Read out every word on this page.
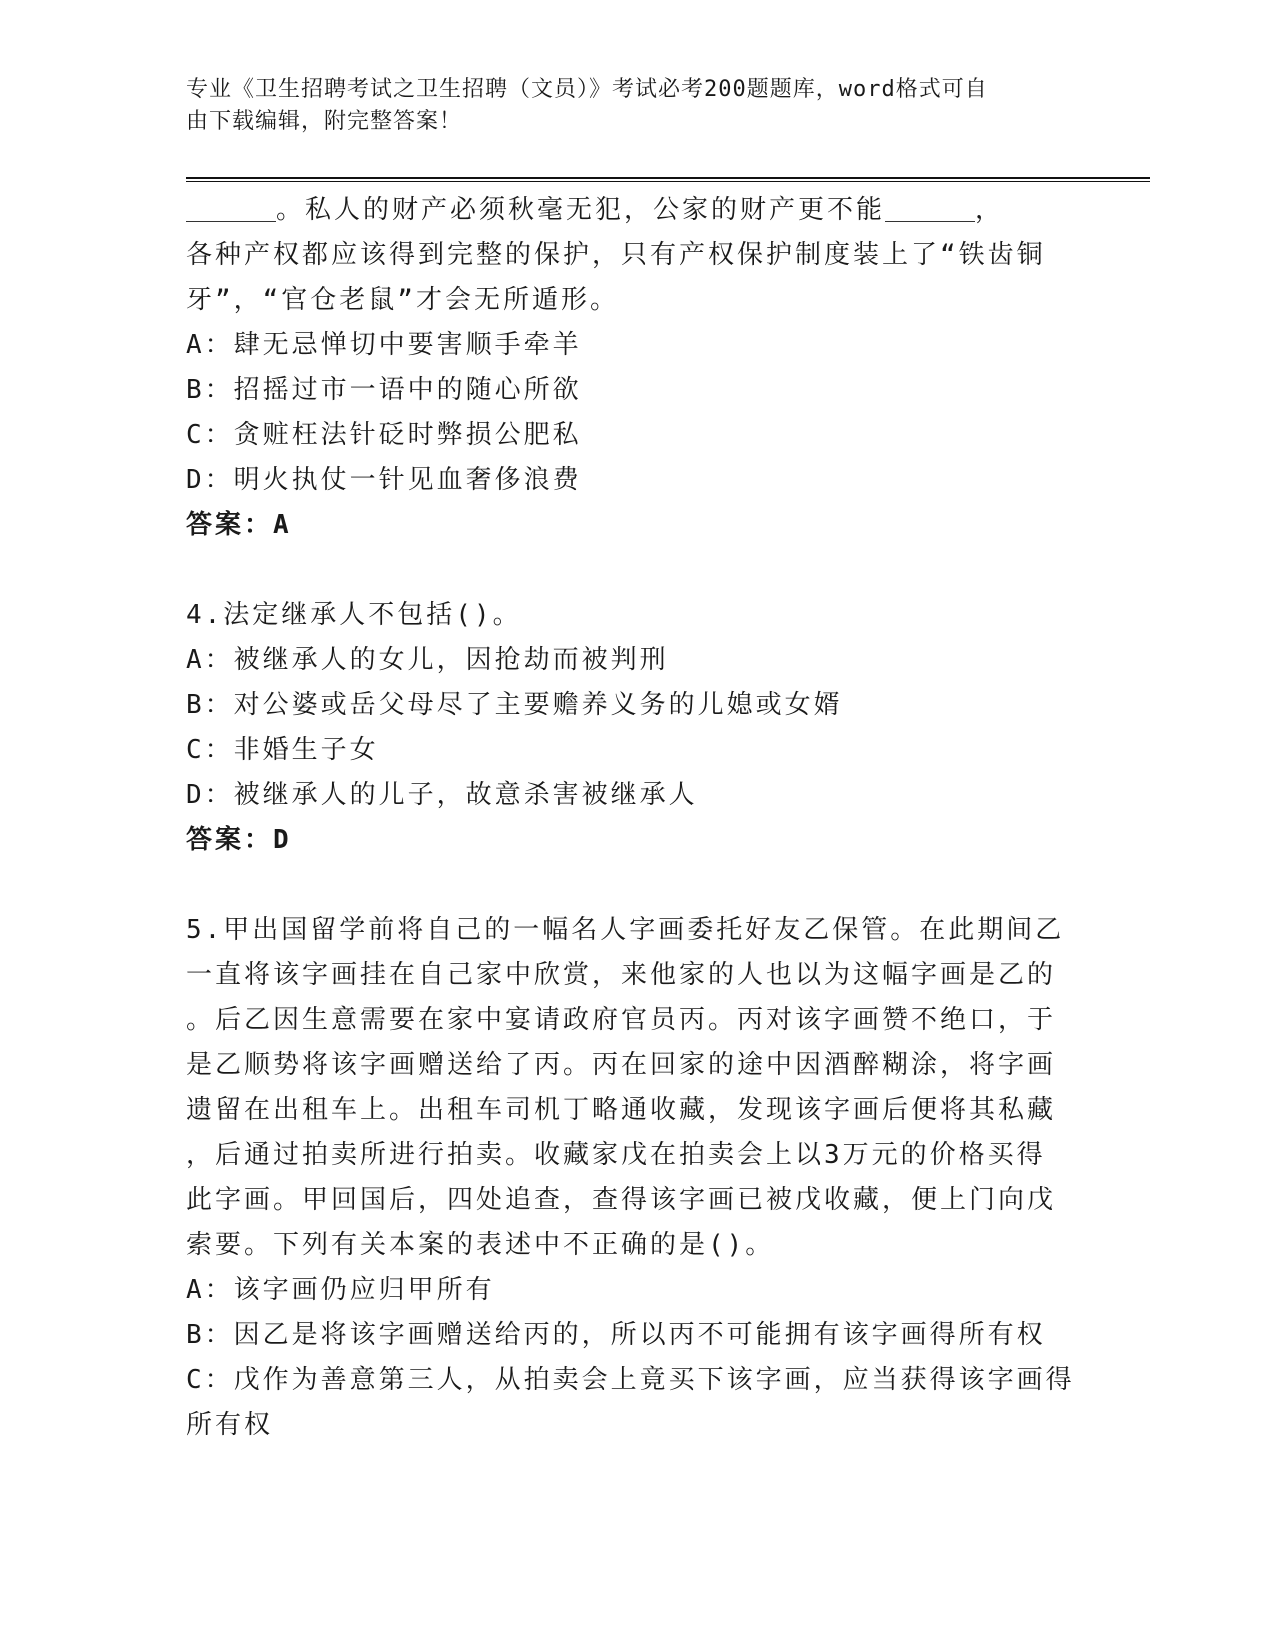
专业《卫生招聘考试之卫生招聘（文员）》考试必考200题题库，word格式可自
由下载编辑，附完整答案！
。私人的财产必须秋毫无犯，公家的财产更不能	，
各种产权都应该得到完整的保护，只有产权保护制度装上了“铁齿铜
牙”，“官仓老鼠”才会无所遁形。
A：肆无忌惮切中要害顺手牵羊
B：招摇过市一语中的随心所欲
C：贪赃枉法针砭时弊损公肥私
D：明火执仗一针见血奢侈浪费
答案：A
4.法定继承人不包括()。
A：被继承人的女儿，因抢劫而被判刑
B：对公婆或岳父母尽了主要赡养义务的儿媳或女婿
C：非婚生子女
D：被继承人的儿子，故意杀害被继承人
答案：D
5.甲出国留学前将自己的一幅名人字画委托好友乙保管。在此期间乙
一直将该字画挂在自己家中欣赏，来他家的人也以为这幅字画是乙的
。后乙因生意需要在家中宴请政府官员丙。丙对该字画赞不绝口，于
是乙顺势将该字画赠送给了丙。丙在回家的途中因酒醉糊涂，将字画
遗留在出租车上。出租车司机丁略通收藏，发现该字画后便将其私藏
，后通过拍卖所进行拍卖。收藏家戊在拍卖会上以3万元的价格买得
此字画。甲回国后，四处追查，查得该字画已被戊收藏，便上门向戊
索要。下列有关本案的表述中不正确的是()。
A：该字画仍应归甲所有
B：因乙是将该字画赠送给丙的，所以丙不可能拥有该字画得所有权
C：戊作为善意第三人，从拍卖会上竟买下该字画，应当获得该字画得
所有权
